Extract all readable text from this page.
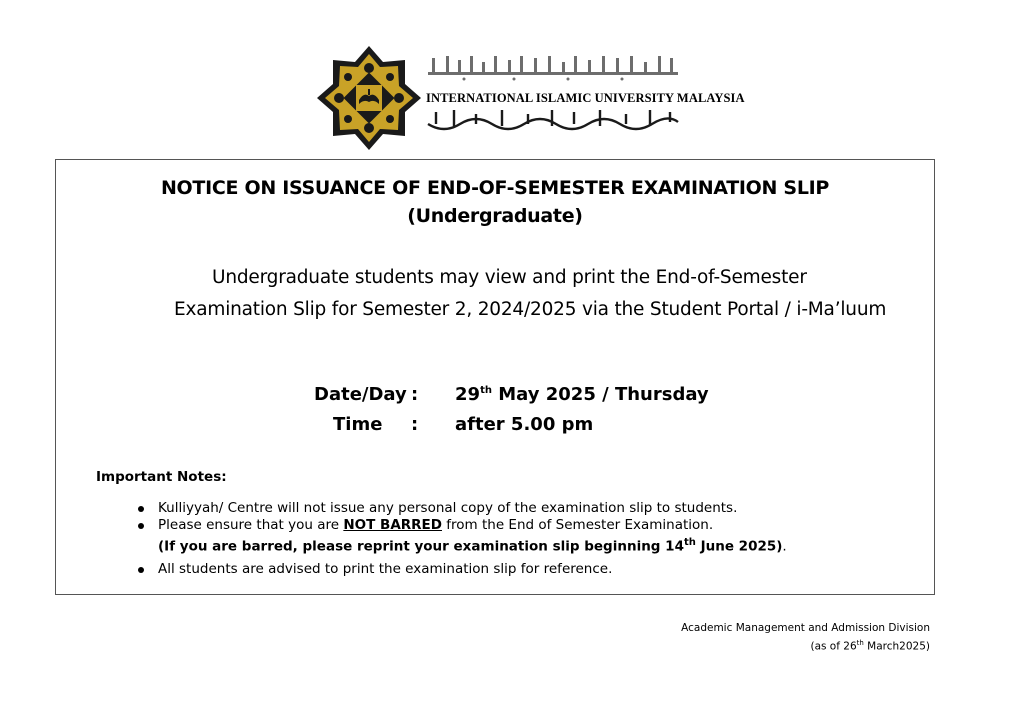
INTERNATIONAL ISLAMIC UNIVERSITY MALAYSIA
NOTICE ON ISSUANCE OF END-OF-SEMESTER EXAMINATION SLIP
(Undergraduate)
Undergraduate students may view and print the End-of-Semester
Examination Slip for Semester 2, 2024/2025 via the Student Portal / i-Ma’luum
Date/Day : 29th May 2025 / Thursday
Time : after 5.00 pm
Important Notes:
Kulliyyah/ Centre will not issue any personal copy of the examination slip to students.
Please ensure that you are NOT BARRED from the End of Semester Examination.
(If you are barred, please reprint your examination slip beginning 14th June 2025).
All students are advised to print the examination slip for reference.
Academic Management and Admission Division
(as of 26th March2025)
